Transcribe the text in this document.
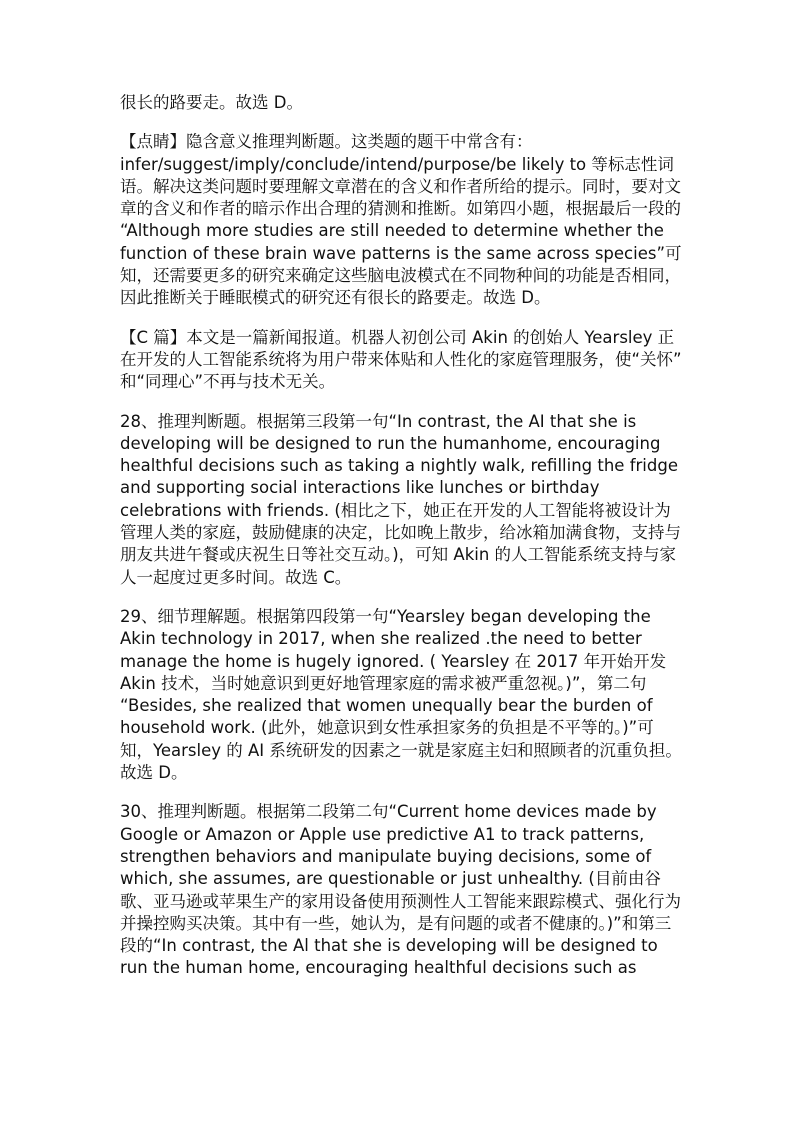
很长的路要走。故选 D。
【点睛】隐含意义推理判断题。这类题的题干中常含有：
infer/suggest/imply/conclude/intend/purpose/be likely to 等标志性词
语。解决这类问题时要理解文章潜在的含义和作者所给的提示。同时，要对文
章的含义和作者的暗示作出合理的猜测和推断。如第四小题，根据最后一段的
“Although more studies are still needed to determine whether the
function of these brain wave patterns is the same across species”可
知，还需要更多的研究来确定这些脑电波模式在不同物种间的功能是否相同，
因此推断关于睡眠模式的研究还有很长的路要走。故选 D。
【C 篇】本文是一篇新闻报道。机器人初创公司 Akin 的创始人 Yearsley 正
在开发的人工智能系统将为用户带来体贴和人性化的家庭管理服务，使“关怀”
和“同理心”不再与技术无关。
28、推理判断题。根据第三段第一句“In contrast, the AI that she is
developing will be designed to run the humanhome, encouraging
healthful decisions such as taking a nightly walk, refilling the fridge
and supporting social interactions like lunches or birthday
celebrations with friends. (相比之下，她正在开发的人工智能将被设计为
管理人类的家庭，鼓励健康的决定，比如晚上散步，给冰箱加满食物，支持与
朋友共进午餐或庆祝生日等社交互动。)，可知 Akin 的人工智能系统支持与家
人一起度过更多时间。故选 C。
29、细节理解题。根据第四段第一句“Yearsley began developing the
Akin technology in 2017, when she realized .the need to better
manage the home is hugely ignored. ( Yearsley 在 2017 年开始开发
Akin 技术，当时她意识到更好地管理家庭的需求被严重忽视。)”，第二句
“Besides, she realized that women unequally bear the burden of
household work. (此外，她意识到女性承担家务的负担是不平等的。)”可
知，Yearsley 的 AI 系统研发的因素之一就是家庭主妇和照顾者的沉重负担。
故选 D。
30、推理判断题。根据第二段第二句“Current home devices made by
Google or Amazon or Apple use predictive A1 to track patterns,
strengthen behaviors and manipulate buying decisions, some of
which, she assumes, are questionable or just unhealthy. (目前由谷
歌、亚马逊或苹果生产的家用设备使用预测性人工智能来跟踪模式、强化行为
并操控购买决策。其中有一些，她认为，是有问题的或者不健康的。)”和第三
段的“In contrast, the Al that she is developing will be designed to
run the human home, encouraging healthful decisions such as
